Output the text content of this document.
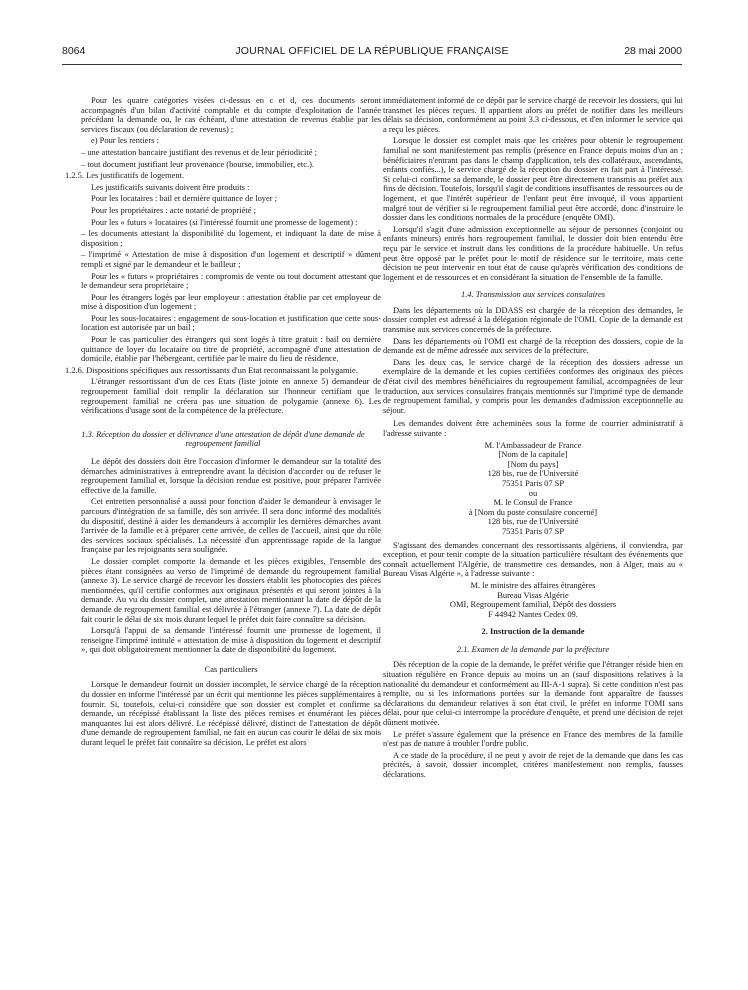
8064	JOURNAL OFFICIEL DE LA RÉPUBLIQUE FRANÇAISE	28 mai 2000

Pour les quatre catégories visées ci-dessus en c et d, ces documents seront accompagnés d'un bilan d'activité comptable et du compte d'exploitation de l'année précédant la demande ou, le cas échéant, d'une attestation de revenus établie par les services fiscaux (ou déclaration de revenus) ;

e) Pour les rentiers :

– une attestation bancaire justifiant des revenus et de leur périodicité ;

– tout document justifiant leur provenance (bourse, immobilier, etc.).

1.2.5. Les justificatifs de logement.

Les justificatifs suivants doivent être produits :

Pour les locataires : bail et dernière quittance de loyer ;

Pour les propriétaires : acte notarié de propriété ;

Pour les « futurs » locataires (si l'intéressé fournit une promesse de logement) :

– les documents attestant la disponibilité du logement, et indiquant la date de mise à disposition ;

– l'imprimé « Attestation de mise à disposition d'un logement et descriptif » dûment rempli et signé par le demandeur et le bailleur ;

Pour les « futurs » propriétaires : compromis de vente ou tout document attestant que le demandeur sera propriétaire ;

Pour les étrangers logés par leur employeur : attestation établie par cet employeur de mise à disposition d'un logement ;

Pour les sous-locataires : engagement de sous-location et justification que cette sous-location est autorisée par un bail ;

Pour le cas particulier des étrangers qui sont logés à titre gratuit : bail ou dernière quittance de loyer du locataire ou titre de propriété, accompagné d'une attestation de domicile, établie par l'hébergeant, certifiée par le maire du lieu de résidence.

1.2.6. Dispositions spécifiques aux ressortissants d'un Etat reconnaissant la polygamie.

L'étranger ressortissant d'un de ces Etats (liste jointe en annexe 5) demandeur de regroupement familial doit remplir la déclaration sur l'honneur certifiant que le regroupement familial ne créera pas une situation de polygamie (annexe 6). Les vérifications d'usage sont de la compétence de la préfecture.

1.3. Réception du dossier et délivrance d'une attestation de dépôt d'une demande de regroupement familial

Le dépôt des dossiers doit être l'occasion d'informer le demandeur sur la totalité des démarches administratives à entreprendre avant la décision d'accorder ou de refuser le regroupement familial et, lorsque la décision rendue est positive, pour préparer l'arrivée effective de la famille.

Cet entretien personnalisé a aussi pour fonction d'aider le demandeur à envisager le parcours d'intégration de sa famille, dès son arrivée. Il sera donc informé des modalités du dispositif, destiné à aider les demandeurs à accomplir les dernières démarches avant l'arrivée de la famille et à préparer cette arrivée, de celles de l'accueil, ainsi que du rôle des services sociaux spécialisés. La nécessité d'un apprentissage rapide de la langue française par les rejoignants sera soulignée.

Le dossier complet comporte la demande et les pièces exigibles, l'ensemble des pièces étant consignées au verso de l'imprimé de demande du regroupement familial (annexe 3). Le service chargé de recevoir les dossiers établit les photocopies des pièces mentionnées, qu'il certifie conformes aux originaux présentés et qui seront jointes à la demande. Au vu du dossier complet, une attestation mentionnant la date de dépôt de la demande de regroupement familial est délivrée à l'étranger (annexe 7). La date de dépôt fait courir le délai de six mois durant lequel le préfet doit faire connaître sa décision.

Lorsqu'à l'appui de sa demande l'intéressé fournit une promesse de logement, il renseigne l'imprimé intitulé « attestation de mise à disposition du logement et descriptif », qui doit obligatoirement mentionner la date de disponibilité du logement.

Cas particuliers

Lorsque le demandeur fournit un dossier incomplet, le service chargé de la réception du dossier en informe l'intéressé par un écrit qui mentionne les pièces supplémentaires à fournir. Si, toutefois, celui-ci considère que son dossier est complet et confirme sa demande, un récépissé établissant la liste des pièces remises et énumérant les pièces manquantes lui est alors délivré. Le récépissé délivré, distinct de l'attestation de dépôt d'une demande de regroupement familial, ne fait en aucun cas courir le délai de six mois durant lequel le préfet fait connaître sa décision. Le préfet est alors

immédiatement informé de ce dépôt par le service chargé de recevoir les dossiers, qui lui transmet les pièces reçues. Il appartient alors au préfet de notifier dans les meilleurs délais sa décision, conformément au point 3.3 ci-dessous, et d'en informer le service qui a reçu les pièces.

Lorsque le dossier est complet mais que les critères pour obtenir le regroupement familial ne sont manifestement pas remplis (présence en France depuis moins d'un an ; bénéficiaires n'entrant pas dans le champ d'application, tels des collatéraux, ascendants, enfants confiés...), le service chargé de la réception du dossier en fait part à l'intéressé. Si celui-ci confirme sa demande, le dossier peut être directement transmis au préfet aux fins de décision. Toutefois, lorsqu'il s'agit de conditions insuffisantes de ressources ou de logement, et que l'intérêt supérieur de l'enfant peut être invoqué, il vous appartient malgré tout de vérifier si le regroupement familial peut être accordé, donc d'instruire le dossier dans les conditions normales de la procédure (enquête OMI).

Lorsqu'il s'agit d'une admission exceptionnelle au séjour de personnes (conjoint ou enfants mineurs) entrés hors regroupement familial, le dossier doit bien entendu être reçu par le service et instruit dans les conditions de la procédure habituelle. Un refus peut être opposé par le préfet pour le motif de résidence sur le territoire, mais cette décision ne peut intervenir en tout état de cause qu'après vérification des conditions de logement et de ressources et en considérant la situation de l'ensemble de la famille.

1.4. Transmission aux services consulaires

Dans les départements où la DDASS est chargée de la réception des demandes, le dossier complet est adressé à la délégation régionale de l'OMI. Copie de la demande est transmise aux services concernés de la préfecture.

Dans les départements où l'OMI est chargé de la réception des dossiers, copie de la demande est de même adressée aux services de la préfecture.

Dans les deux cas, le service chargé de la réception des dossiers adresse un exemplaire de la demande et les copies certifiées conformes des originaux des pièces d'état civil des membres bénéficiaires du regroupement familial, accompagnées de leur traduction, aux services consulaires français mentionnés sur l'imprimé type de demande de regroupement familial, y compris pour les demandes d'admission exceptionnelle au séjour.

Les demandes doivent être acheminées sous la forme de courrier administratif à l'adresse suivante :

M. l'Ambassadeur de France

[Nom de la capitale]

[Nom du pays]

128 bis, rue de l'Université

75351 Paris 07 SP

ou

M. le Consul de France

à [Nom du poste consulaire concerné]

128 bis, rue de l'Université

75351 Paris 07 SP

S'agissant des demandes concernant des ressortissants algériens, il conviendra, par exception, et pour tenir compte de la situation particulière résultant des événements que connaît actuellement l'Algérie, de transmettre ces demandes, non à Alger, mais au « Bureau Visas Algérie », à l'adresse suivante :

M. le ministre des affaires étrangères

Bureau Visas Algérie

OMI, Regroupement familial, Dépôt des dossiers

F 44942 Nantes Cedex 09.

2. Instruction de la demande

2.1. Examen de la demande par la préfecture

Dès réception de la copie de la demande, le préfet vérifie que l'étranger réside bien en situation régulière en France depuis au moins un an (sauf dispositions relatives à la nationalité du demandeur et conformément au III-A-1 supra). Si cette condition n'est pas remplie, ou si les informations portées sur la demande font apparaître de fausses déclarations du demandeur relatives à son état civil, le préfet en informe l'OMI sans délai, pour que celui-ci interrompe la procédure d'enquête, et prend une décision de rejet dûment motivée.

Le préfet s'assure également que la présence en France des membres de la famille n'est pas de nature à troubler l'ordre public.

A ce stade de la procédure, il ne peut y avoir de rejet de la demande que dans les cas précités, à savoir, dossier incomplet, critères manifestement non remplis, fausses déclarations.
